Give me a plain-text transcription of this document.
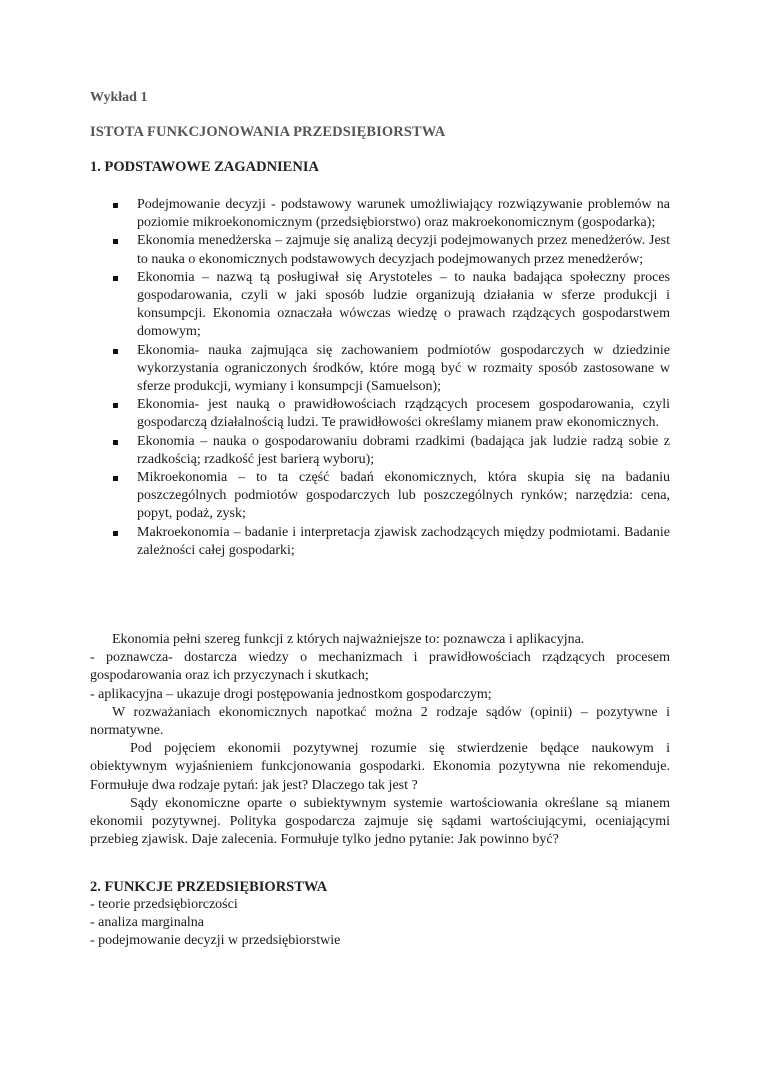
Wykład 1
ISTOTA FUNKCJONOWANIA PRZEDSIĘBIORSTWA
1. PODSTAWOWE ZAGADNIENIA
Podejmowanie decyzji - podstawowy warunek umożliwiający rozwiązywanie problemów na poziomie mikroekonomicznym (przedsiębiorstwo) oraz makroekonomicznym (gospodarka);
Ekonomia menedżerska – zajmuje się analizą decyzji podejmowanych przez menedżerów. Jest to nauka o ekonomicznych podstawowych decyzjach podejmowanych przez menedżerów;
Ekonomia – nazwą tą posługiwał się Arystoteles – to nauka badająca społeczny proces gospodarowania, czyli w jaki sposób ludzie organizują działania w sferze produkcji i konsumpcji. Ekonomia oznaczała wówczas wiedzę o prawach rządzących gospodarstwem domowym;
Ekonomia- nauka zajmująca się zachowaniem podmiotów gospodarczych w dziedzinie wykorzystania ograniczonych środków, które mogą być w rozmaity sposób zastosowane w sferze produkcji, wymiany i konsumpcji (Samuelson);
Ekonomia- jest nauką o prawidłowościach rządzących procesem gospodarowania, czyli gospodarczą działalnością ludzi. Te prawidłowości określamy mianem praw ekonomicznych.
Ekonomia – nauka o gospodarowaniu dobrami rzadkimi (badająca jak ludzie radzą sobie z rzadkością; rzadkość jest barierą wyboru);
Mikroekonomia – to ta część badań ekonomicznych, która skupia się na badaniu poszczególnych podmiotów gospodarczych lub poszczególnych rynków; narzędzia: cena, popyt, podaż, zysk;
Makroekonomia – badanie i interpretacja zjawisk zachodzących między podmiotami. Badanie zależności całej gospodarki;

Ekonomia pełni szereg funkcji z których najważniejsze to: poznawcza i aplikacyjna.

- poznawcza- dostarcza wiedzy o mechanizmach i prawidłowościach rządzących procesem gospodarowania oraz ich przyczynach i skutkach;

- aplikacyjna – ukazuje drogi postępowania jednostkom gospodarczym;

W rozważaniach ekonomicznych napotkać można 2 rodzaje sądów (opinii) – pozytywne i normatywne.

Pod pojęciem ekonomii pozytywnej rozumie się stwierdzenie będące naukowym i obiektywnym wyjaśnieniem funkcjonowania gospodarki. Ekonomia pozytywna nie rekomenduje. Formułuje dwa rodzaje pytań: jak jest? Dlaczego tak jest ?

Sądy ekonomiczne oparte o subiektywnym systemie wartościowania określane są mianem ekonomii pozytywnej. Polityka gospodarcza zajmuje się sądami wartościującymi, oceniającymi przebieg zjawisk. Daje zalecenia. Formułuje tylko jedno pytanie: Jak powinno być?

2. FUNKCJE PRZEDSIĘBIORSTWA
- teorie przedsiębiorczości
- analiza marginalna
- podejmowanie decyzji w przedsiębiorstwie
